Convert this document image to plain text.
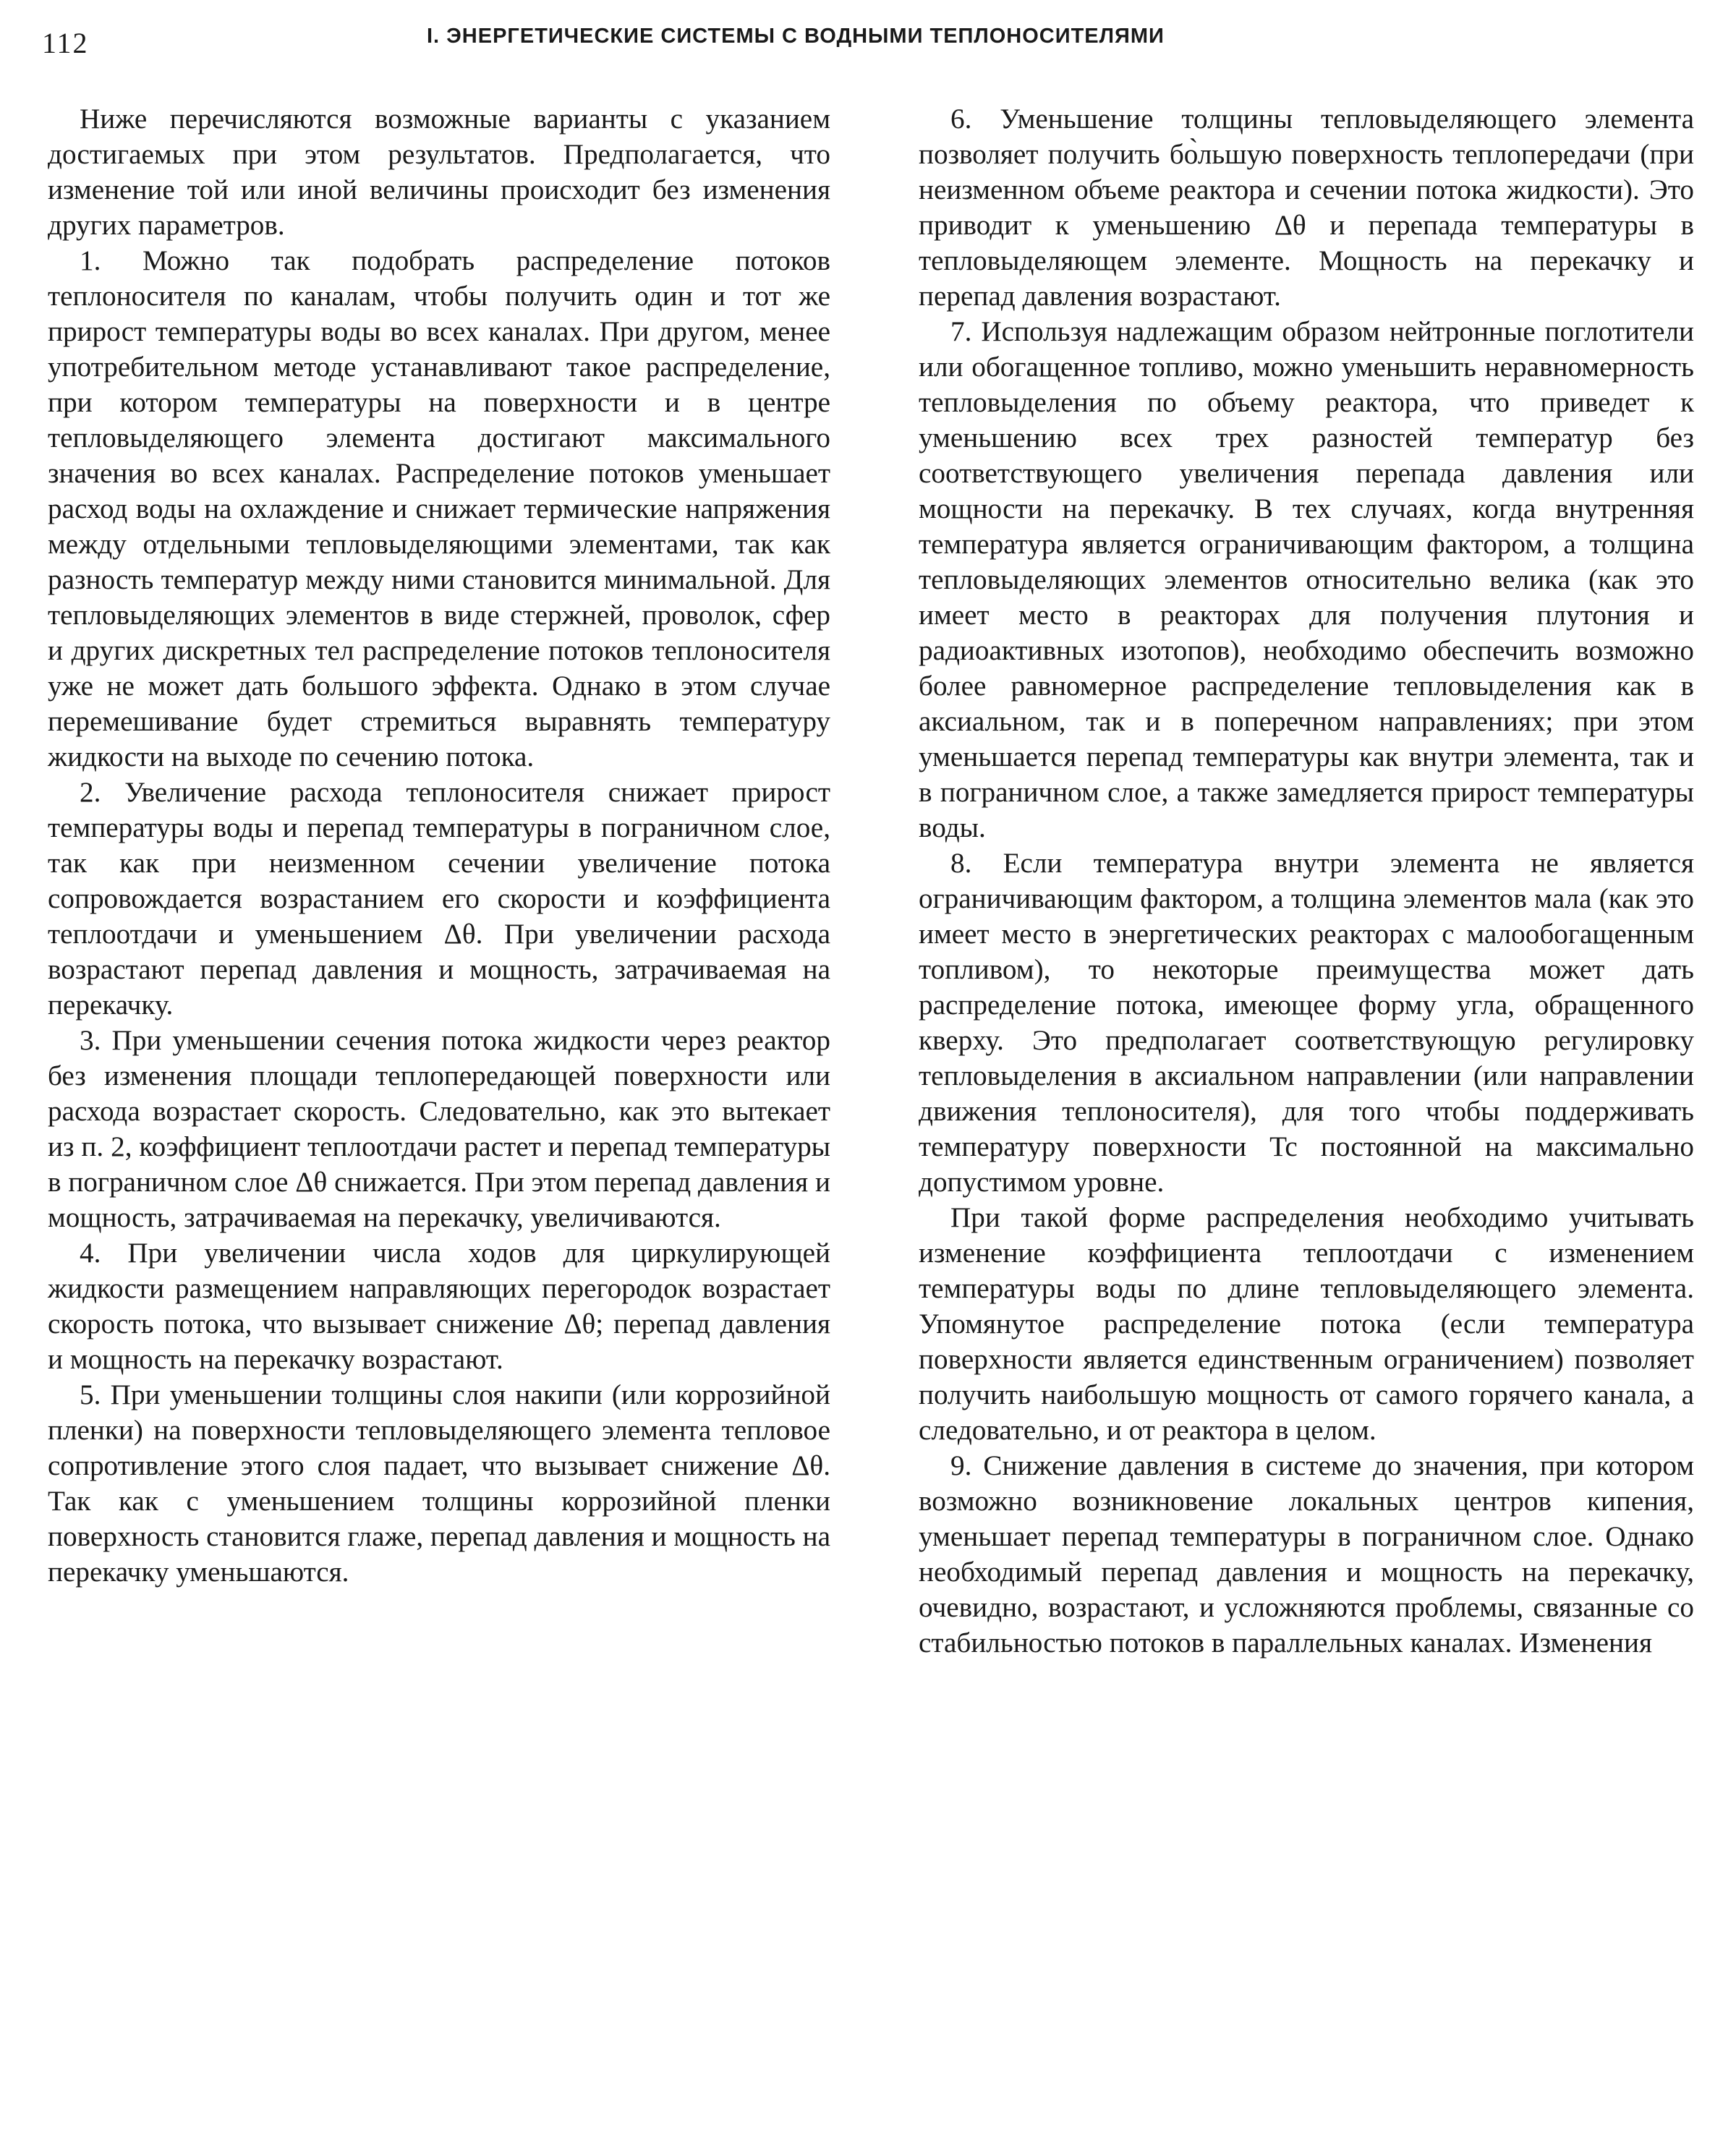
112	I. ЭНЕРГЕТИЧЕСКИЕ СИСТЕМЫ С ВОДНЫМИ ТЕПЛОНОСИТЕЛЯМИ

Ниже перечисляются возможные варианты с указанием достигаемых при этом результатов. Предполагается, что изменение той или иной величины происходит без изменения других параметров.

1. Можно так подобрать распределение потоков теплоносителя по каналам, чтобы получить один и тот же прирост температуры воды во всех каналах. При другом, менее употребительном методе устанавливают такое распределение, при котором температуры на поверхности и в центре тепловыделяющего элемента достигают максимального значения во всех каналах. Распределение потоков уменьшает расход воды на охлаждение и снижает термические напряжения между отдельными тепловыделяющими элементами, так как разность температур между ними становится минимальной. Для тепловыделяющих элементов в виде стержней, проволок, сфер и других дискретных тел распределение потоков теплоносителя уже не может дать большого эффекта. Однако в этом случае перемешивание будет стремиться выравнять температуру жидкости на выходе по сечению потока.

2. Увеличение расхода теплоносителя снижает прирост температуры воды и перепад температуры в пограничном слое, так как при неизменном сечении увеличение потока сопровождается возрастанием его скорости и коэффициента теплоотдачи и уменьшением Δθ. При увеличении расхода возрастают перепад давления и мощность, затрачиваемая на перекачку.

3. При уменьшении сечения потока жидкости через реактор без изменения площади теплопередающей поверхности или расхода возрастает скорость. Следовательно, как это вытекает из п. 2, коэффициент теплоотдачи растет и перепад температуры в пограничном слое Δθ снижается. При этом перепад давления и мощность, затрачиваемая на перекачку, увеличиваются.

4. При увеличении числа ходов для циркулирующей жидкости размещением направляющих перегородок возрастает скорость потока, что вызывает снижение Δθ; перепад давления и мощность на перекачку возрастают.

5. При уменьшении толщины слоя накипи (или коррозийной пленки) на поверхности тепловыделяющего элемента тепловое сопротивление этого слоя падает, что вызывает снижение Δθ. Так как с уменьшением толщины коррозийной пленки поверхность становится глаже, перепад давления и мощность на перекачку уменьшаются.

6. Уменьшение толщины тепловыделяющего элемента позволяет получить бо̀льшую поверхность теплопередачи (при неизменном объеме реактора и сечении потока жидкости). Это приводит к уменьшению Δθ и перепада температуры в тепловыделяющем элементе. Мощность на перекачку и перепад давления возрастают.

7. Используя надлежащим образом нейтронные поглотители или обогащенное топливо, можно уменьшить неравномерность тепловыделения по объему реактора, что приведет к уменьшению всех трех разностей температур без соответствующего увеличения перепада давления или мощности на перекачку. В тех случаях, когда внутренняя температура является ограничивающим фактором, а толщина тепловыделяющих элементов относительно велика (как это имеет место в реакторах для получения плутония и радиоактивных изотопов), необходимо обеспечить возможно более равномерное распределение тепловыделения как в аксиальном, так и в поперечном направлениях; при этом уменьшается перепад температуры как внутри элемента, так и в пограничном слое, а также замедляется прирост температуры воды.

8. Если температура внутри элемента не является ограничивающим фактором, а толщина элементов мала (как это имеет место в энергетических реакторах с малообогащенным топливом), то некоторые преимущества может дать распределение потока, имеющее форму угла, обращенного кверху. Это предполагает соответствующую регулировку тепловыделения в аксиальном направлении (или направлении движения теплоносителя), для того чтобы поддерживать температуру поверхности Tc постоянной на максимально допустимом уровне.

При такой форме распределения необходимо учитывать изменение коэффициента теплоотдачи с изменением температуры воды по длине тепловыделяющего элемента. Упомянутое распределение потока (если температура поверхности является единственным ограничением) позволяет получить наибольшую мощность от самого горячего канала, а следовательно, и от реактора в целом.

9. Снижение давления в системе до значения, при котором возможно возникновение локальных центров кипения, уменьшает перепад температуры в пограничном слое. Однако необходимый перепад давления и мощность на перекачку, очевидно, возрастают, и усложняются проблемы, связанные со стабильностью потоков в параллельных каналах. Изменения
